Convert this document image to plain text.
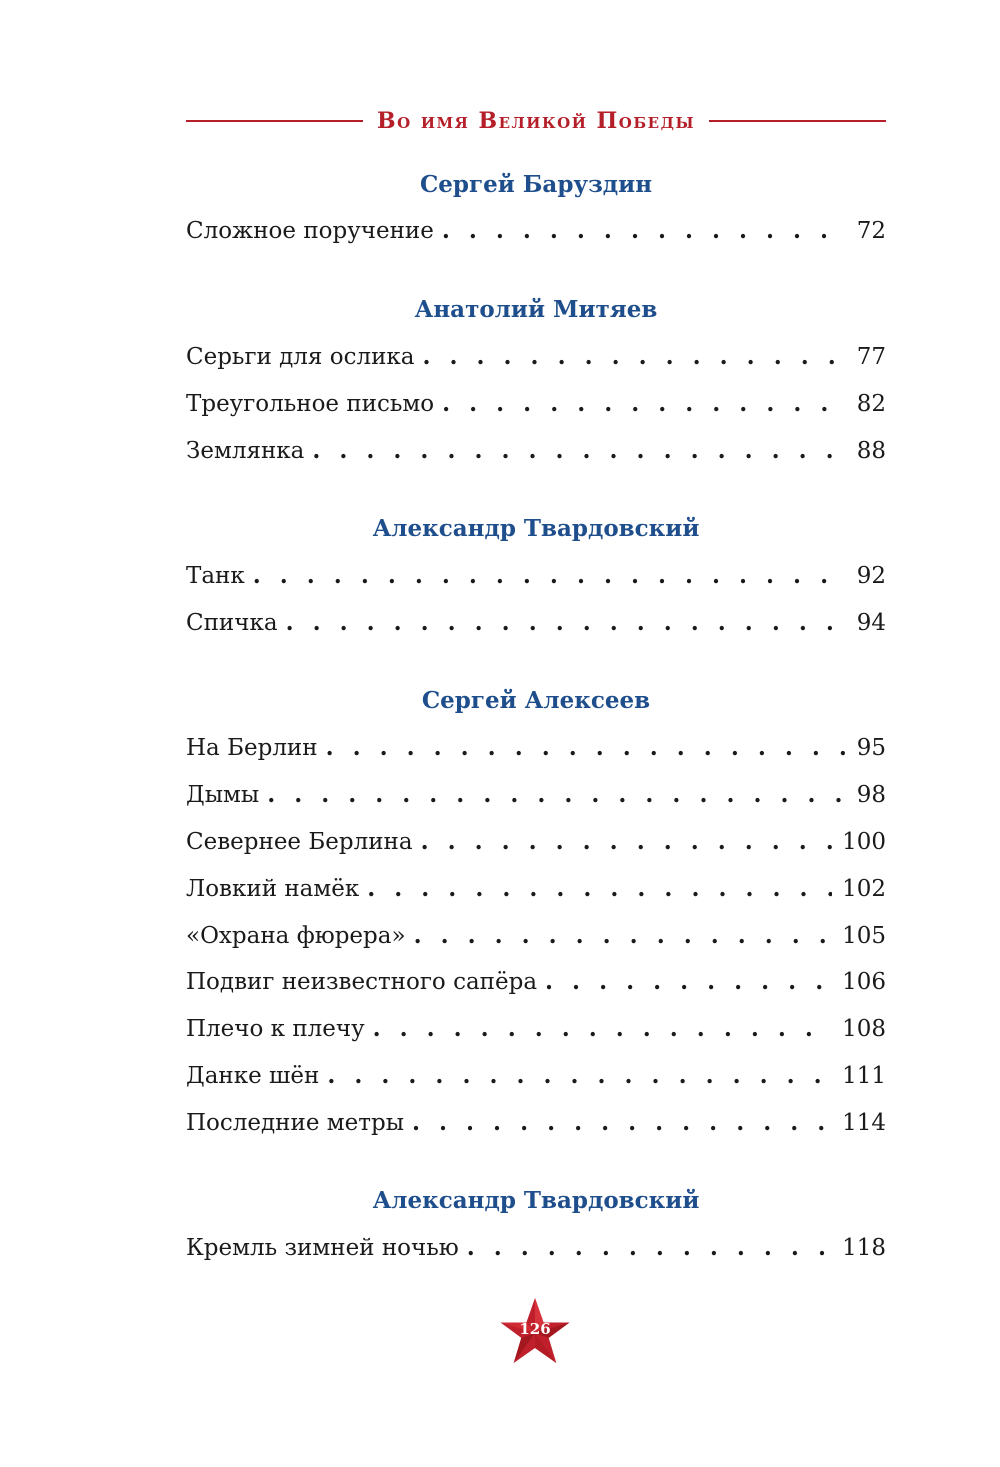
Во имя Великой Победы
Сергей Баруздин
Сложное поручение . . .	72
Анатолий Митяев
Серьги для ослика . . .	77
Треугольное письмо . . .	82
Землянка . . .	88
Александр Твардовский
Танк . . .	92
Спичка . . .	94
Сергей Алексеев
На Берлин . . .	95
Дымы . . .	98
Севернее Берлина . . .	100
Ловкий намёк . . .	102
«Охрана фюрера» . . .	105
Подвиг неизвестного сапёра . . .	106
Плечо к плечу . . .	108
Данке шён . . .	111
Последние метры . . .	114
Александр Твардовский
Кремль зимней ночью . . .	118
126
